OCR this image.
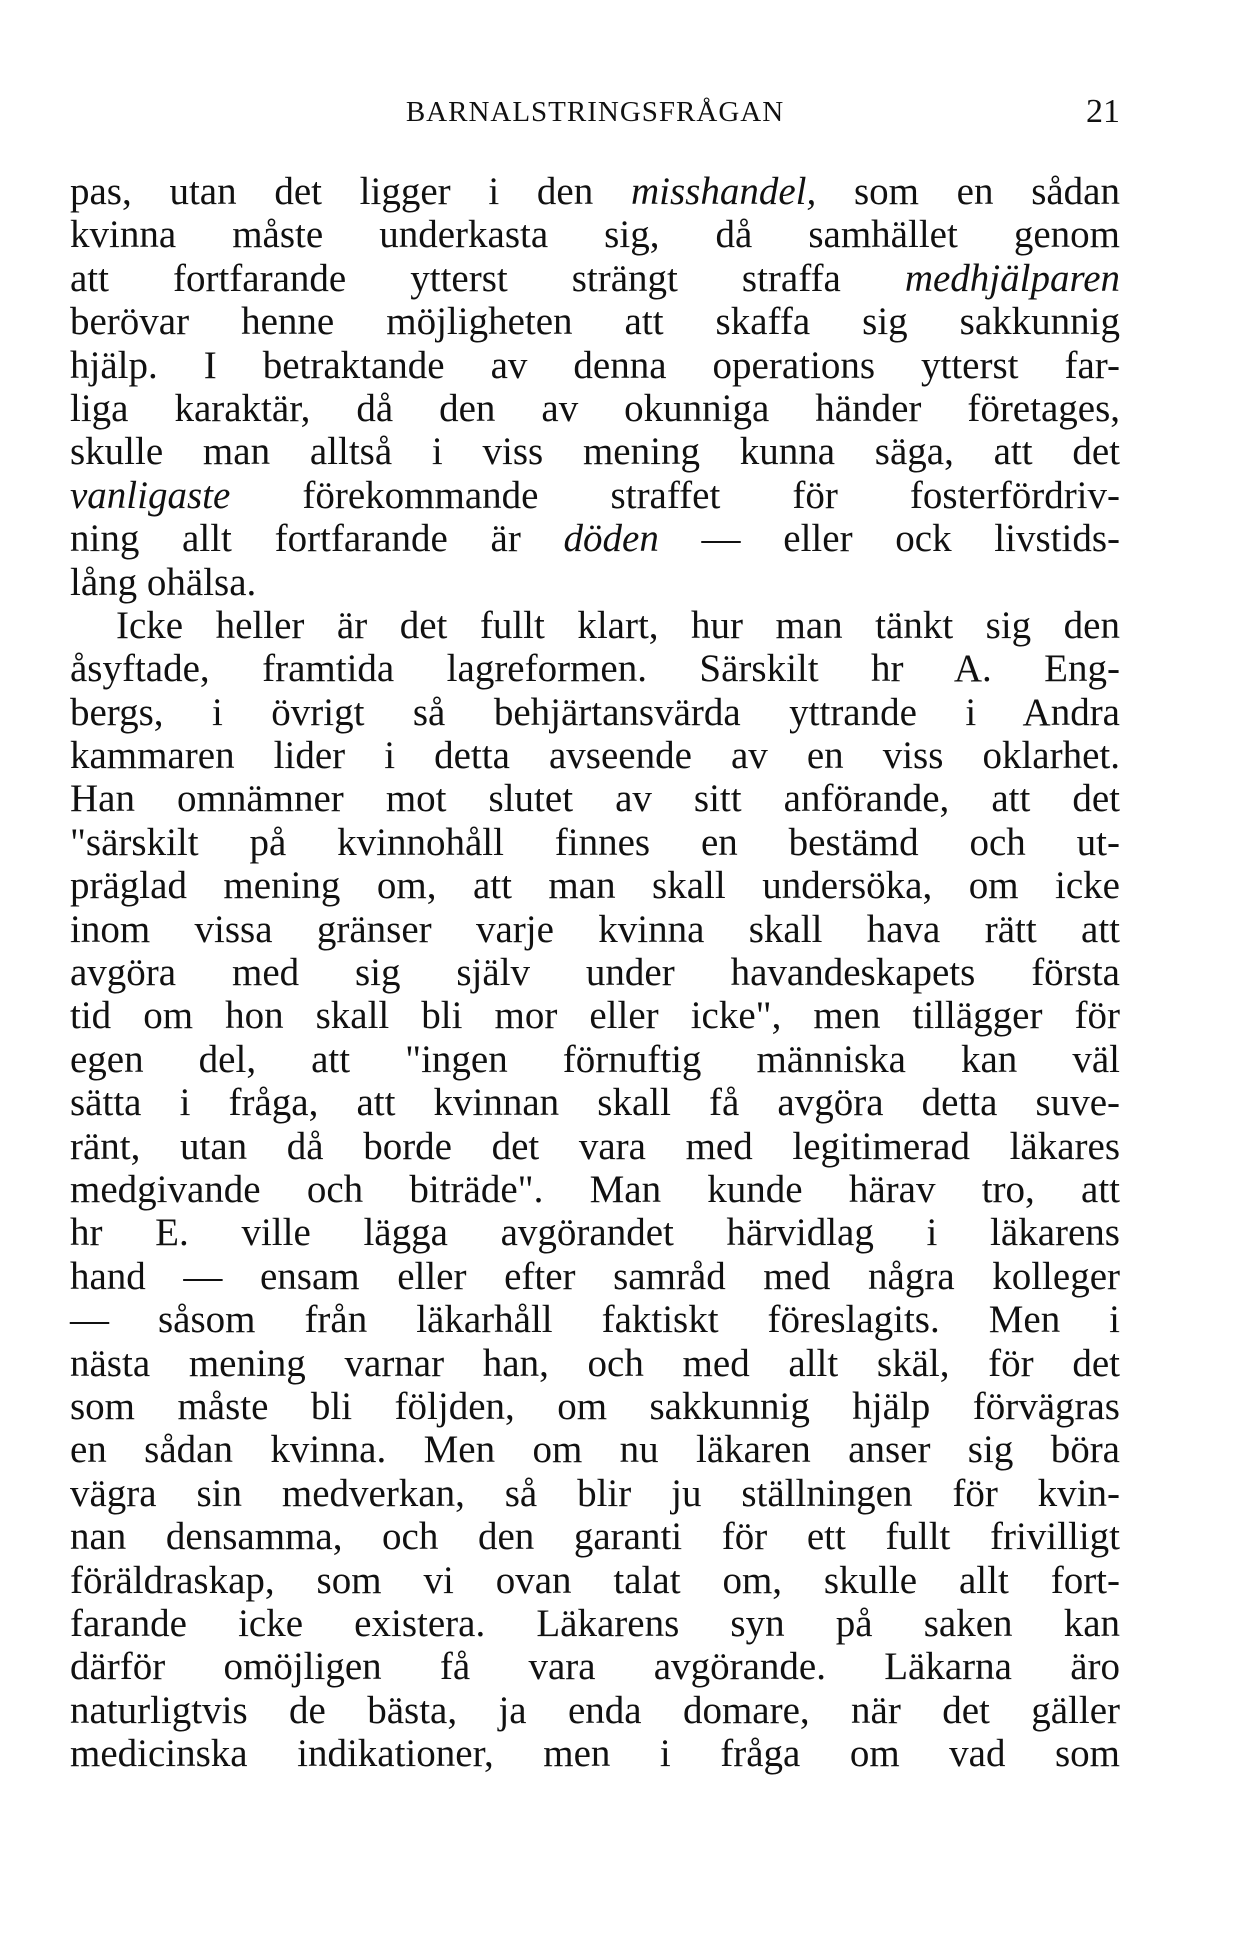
BARNALSTRINGSFRÅGAN	21
pas, utan det ligger i den misshandel, som en sådan
kvinna måste underkasta sig, då samhället genom
att fortfarande ytterst strängt straffa medhjälparen
berövar henne möjligheten att skaffa sig sakkunnig
hjälp. I betraktande av denna operations ytterst far-
liga karaktär, då den av okunniga händer företages,
skulle man alltså i viss mening kunna säga, att det
vanligaste förekommande straffet för fosterfördriv-
ning allt fortfarande är döden — eller ock livstids-
lång ohälsa.
Icke heller är det fullt klart, hur man tänkt sig den
åsyftade, framtida lagreformen. Särskilt hr A. Eng-
bergs, i övrigt så behjärtansvärda yttrande i Andra
kammaren lider i detta avseende av en viss oklarhet.
Han omnämner mot slutet av sitt anförande, att det
"särskilt på kvinnohåll finnes en bestämd och ut-
präglad mening om, att man skall undersöka, om icke
inom vissa gränser varje kvinna skall hava rätt att
avgöra med sig själv under havandeskapets första
tid om hon skall bli mor eller icke", men tillägger för
egen del, att "ingen förnuftig människa kan väl
sätta i fråga, att kvinnan skall få avgöra detta suve-
ränt, utan då borde det vara med legitimerad läkares
medgivande och biträde". Man kunde härav tro, att
hr E. ville lägga avgörandet härvidlag i läkarens
hand — ensam eller efter samråd med några kolleger
— såsom från läkarhåll faktiskt föreslagits. Men i
nästa mening varnar han, och med allt skäl, för det
som måste bli följden, om sakkunnig hjälp förvägras
en sådan kvinna. Men om nu läkaren anser sig böra
vägra sin medverkan, så blir ju ställningen för kvin-
nan densamma, och den garanti för ett fullt frivilligt
föräldraskap, som vi ovan talat om, skulle allt fort-
farande icke existera. Läkarens syn på saken kan
därför omöjligen få vara avgörande. Läkarna äro
naturligtvis de bästa, ja enda domare, när det gäller
medicinska indikationer, men i fråga om vad som
